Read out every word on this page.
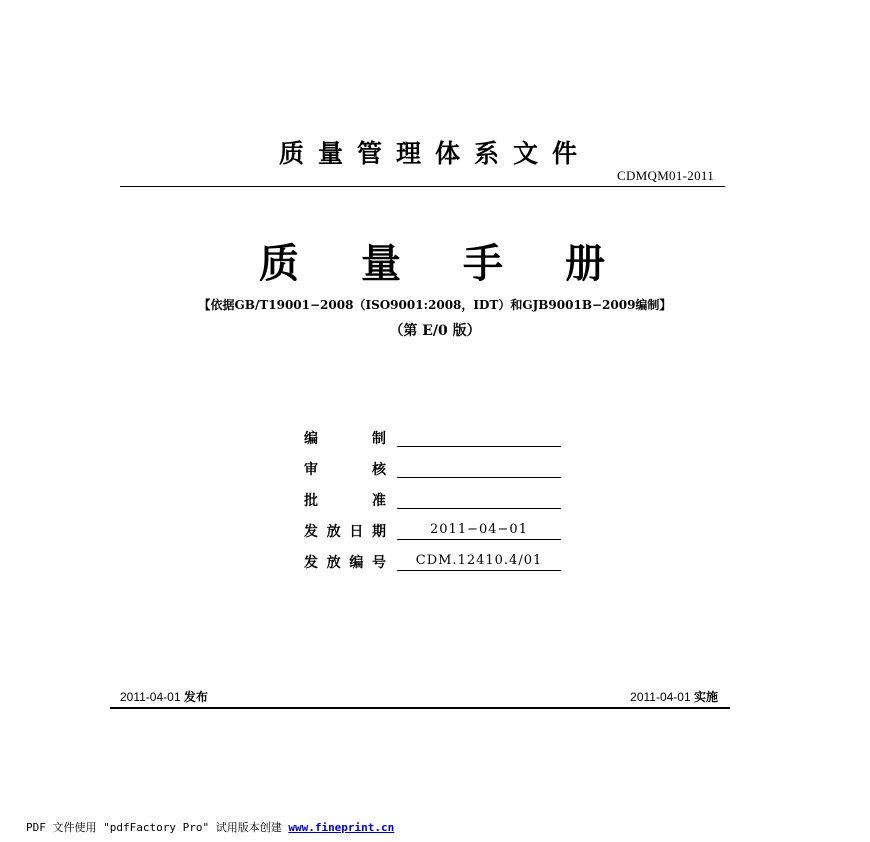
质量管理体系文件
CDMQM01-2011
质量手册
【依据GB/T19001−2008（ISO9001:2008，IDT）和GJB9001B−2009编制】
（第 E/0 版）
编 制
审 核
批 准
发放日期	2011−04−01
发放编号	CDM.12410.4/01
2011-04-01 发布	2011-04-01 实施
PDF 文件使用 "pdfFactory Pro" 试用版本创建 www.fineprint.cn
